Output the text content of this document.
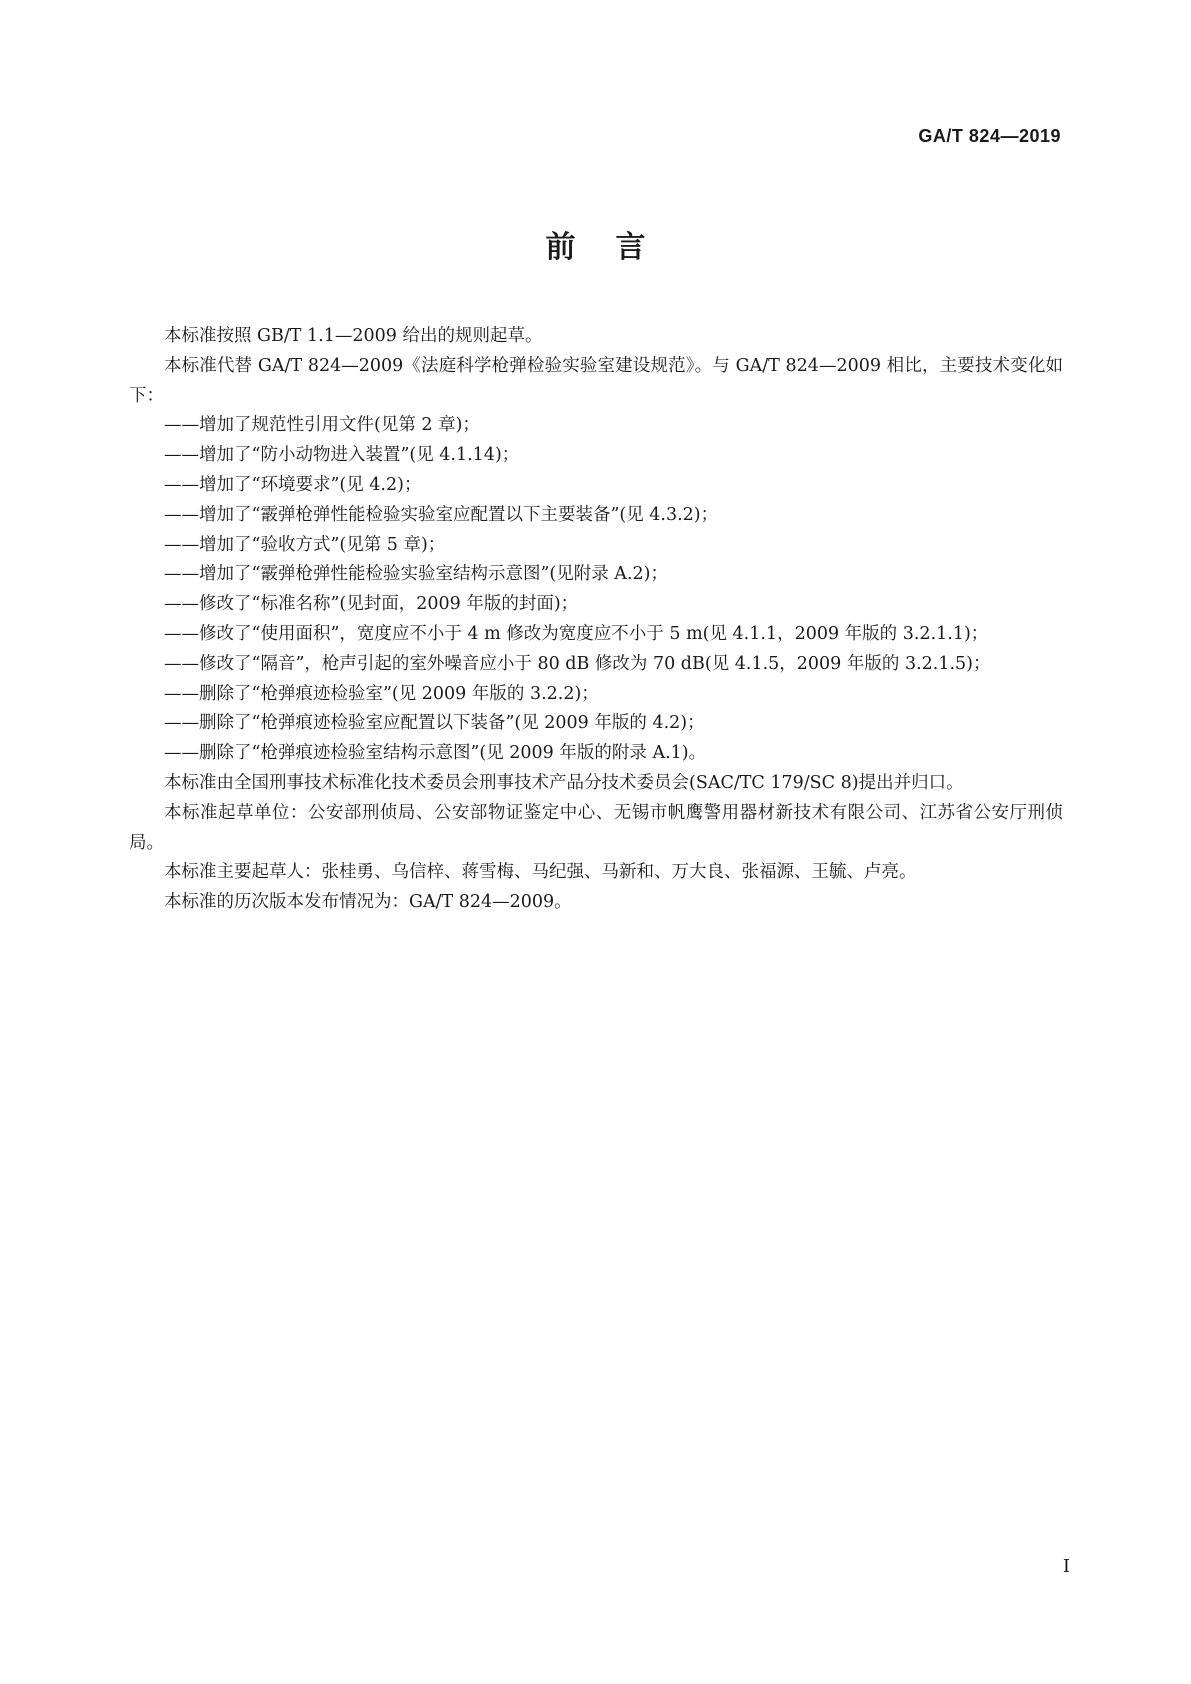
GA/T 824—2019
前言

本标准按照 GB/T 1.1—2009 给出的规则起草。

本标准代替 GA/T 824—2009《法庭科学枪弹检验实验室建设规范》。与 GA/T 824—2009 相比，主要技术变化如下：

——增加了规范性引用文件(见第 2 章)；

——增加了“防小动物进入装置”(见 4.1.14)；

——增加了“环境要求”(见 4.2)；

——增加了“霰弹枪弹性能检验实验室应配置以下主要装备”(见 4.3.2)；

——增加了“验收方式”(见第 5 章)；

——增加了“霰弹枪弹性能检验实验室结构示意图”(见附录 A.2)；

——修改了“标准名称”(见封面，2009 年版的封面)；

——修改了“使用面积”，宽度应不小于 4 m 修改为宽度应不小于 5 m(见 4.1.1，2009 年版的 3.2.1.1)；

——修改了“隔音”，枪声引起的室外噪音应小于 80 dB 修改为 70 dB(见 4.1.5，2009 年版的 3.2.1.5)；

——删除了“枪弹痕迹检验室”(见 2009 年版的 3.2.2)；

——删除了“枪弹痕迹检验室应配置以下装备”(见 2009 年版的 4.2)；

——删除了“枪弹痕迹检验室结构示意图”(见 2009 年版的附录 A.1)。

本标准由全国刑事技术标准化技术委员会刑事技术产品分技术委员会(SAC/TC 179/SC 8)提出并归口。

本标准起草单位：公安部刑侦局、公安部物证鉴定中心、无锡市帆鹰警用器材新技术有限公司、江苏省公安厅刑侦局。

本标准主要起草人：张桂勇、乌信梓、蒋雪梅、马纪强、马新和、万大良、张福源、王毓、卢亮。

本标准的历次版本发布情况为：GA/T 824—2009。

I
